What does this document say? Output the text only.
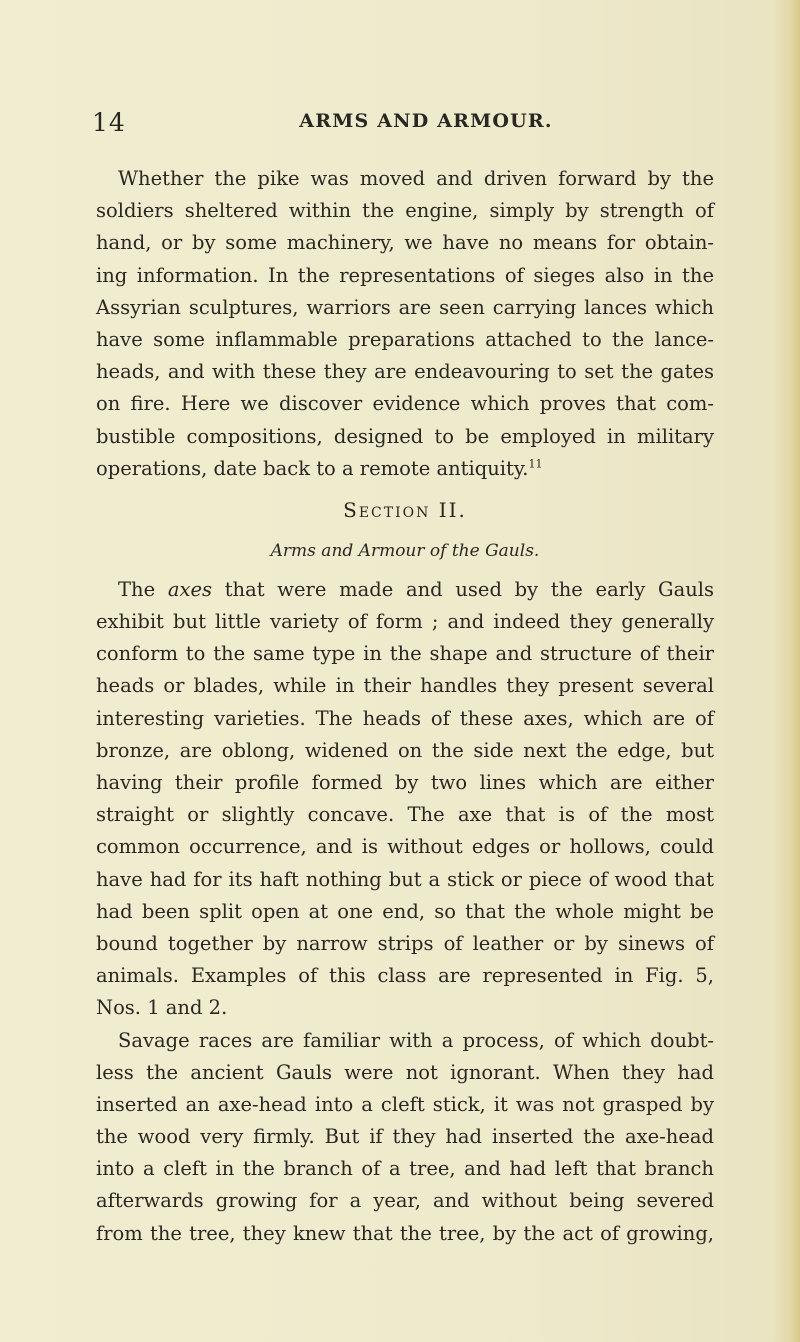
14	ARMS AND ARMOUR.
Whether the pike was moved and driven forward by the
soldiers sheltered within the engine, simply by strength of
hand, or by some machinery, we have no means for obtain-
ing information. In the representations of sieges also in the
Assyrian sculptures, warriors are seen carrying lances which
have some inflammable preparations attached to the lance-
heads, and with these they are endeavouring to set the gates
on fire. Here we discover evidence which proves that com-
bustible compositions, designed to be employed in military
operations, date back to a remote antiquity.$^{11}$
Section II.
Arms and Armour of the Gauls.
The axes that were made and used by the early Gauls
exhibit but little variety of form ; and indeed they generally
conform to the same type in the shape and structure of their
heads or blades, while in their handles they present several
interesting varieties. The heads of these axes, which are of
bronze, are oblong, widened on the side next the edge, but
having their profile formed by two lines which are either
straight or slightly concave. The axe that is of the most
common occurrence, and is without edges or hollows, could
have had for its haft nothing but a stick or piece of wood that
had been split open at one end, so that the whole might be
bound together by narrow strips of leather or by sinews of
animals. Examples of this class are represented in Fig. 5,
Nos. 1 and 2.
Savage races are familiar with a process, of which doubt-
less the ancient Gauls were not ignorant. When they had
inserted an axe-head into a cleft stick, it was not grasped by
the wood very firmly. But if they had inserted the axe-head
into a cleft in the branch of a tree, and had left that branch
afterwards growing for a year, and without being severed
from the tree, they knew that the tree, by the act of growing,
